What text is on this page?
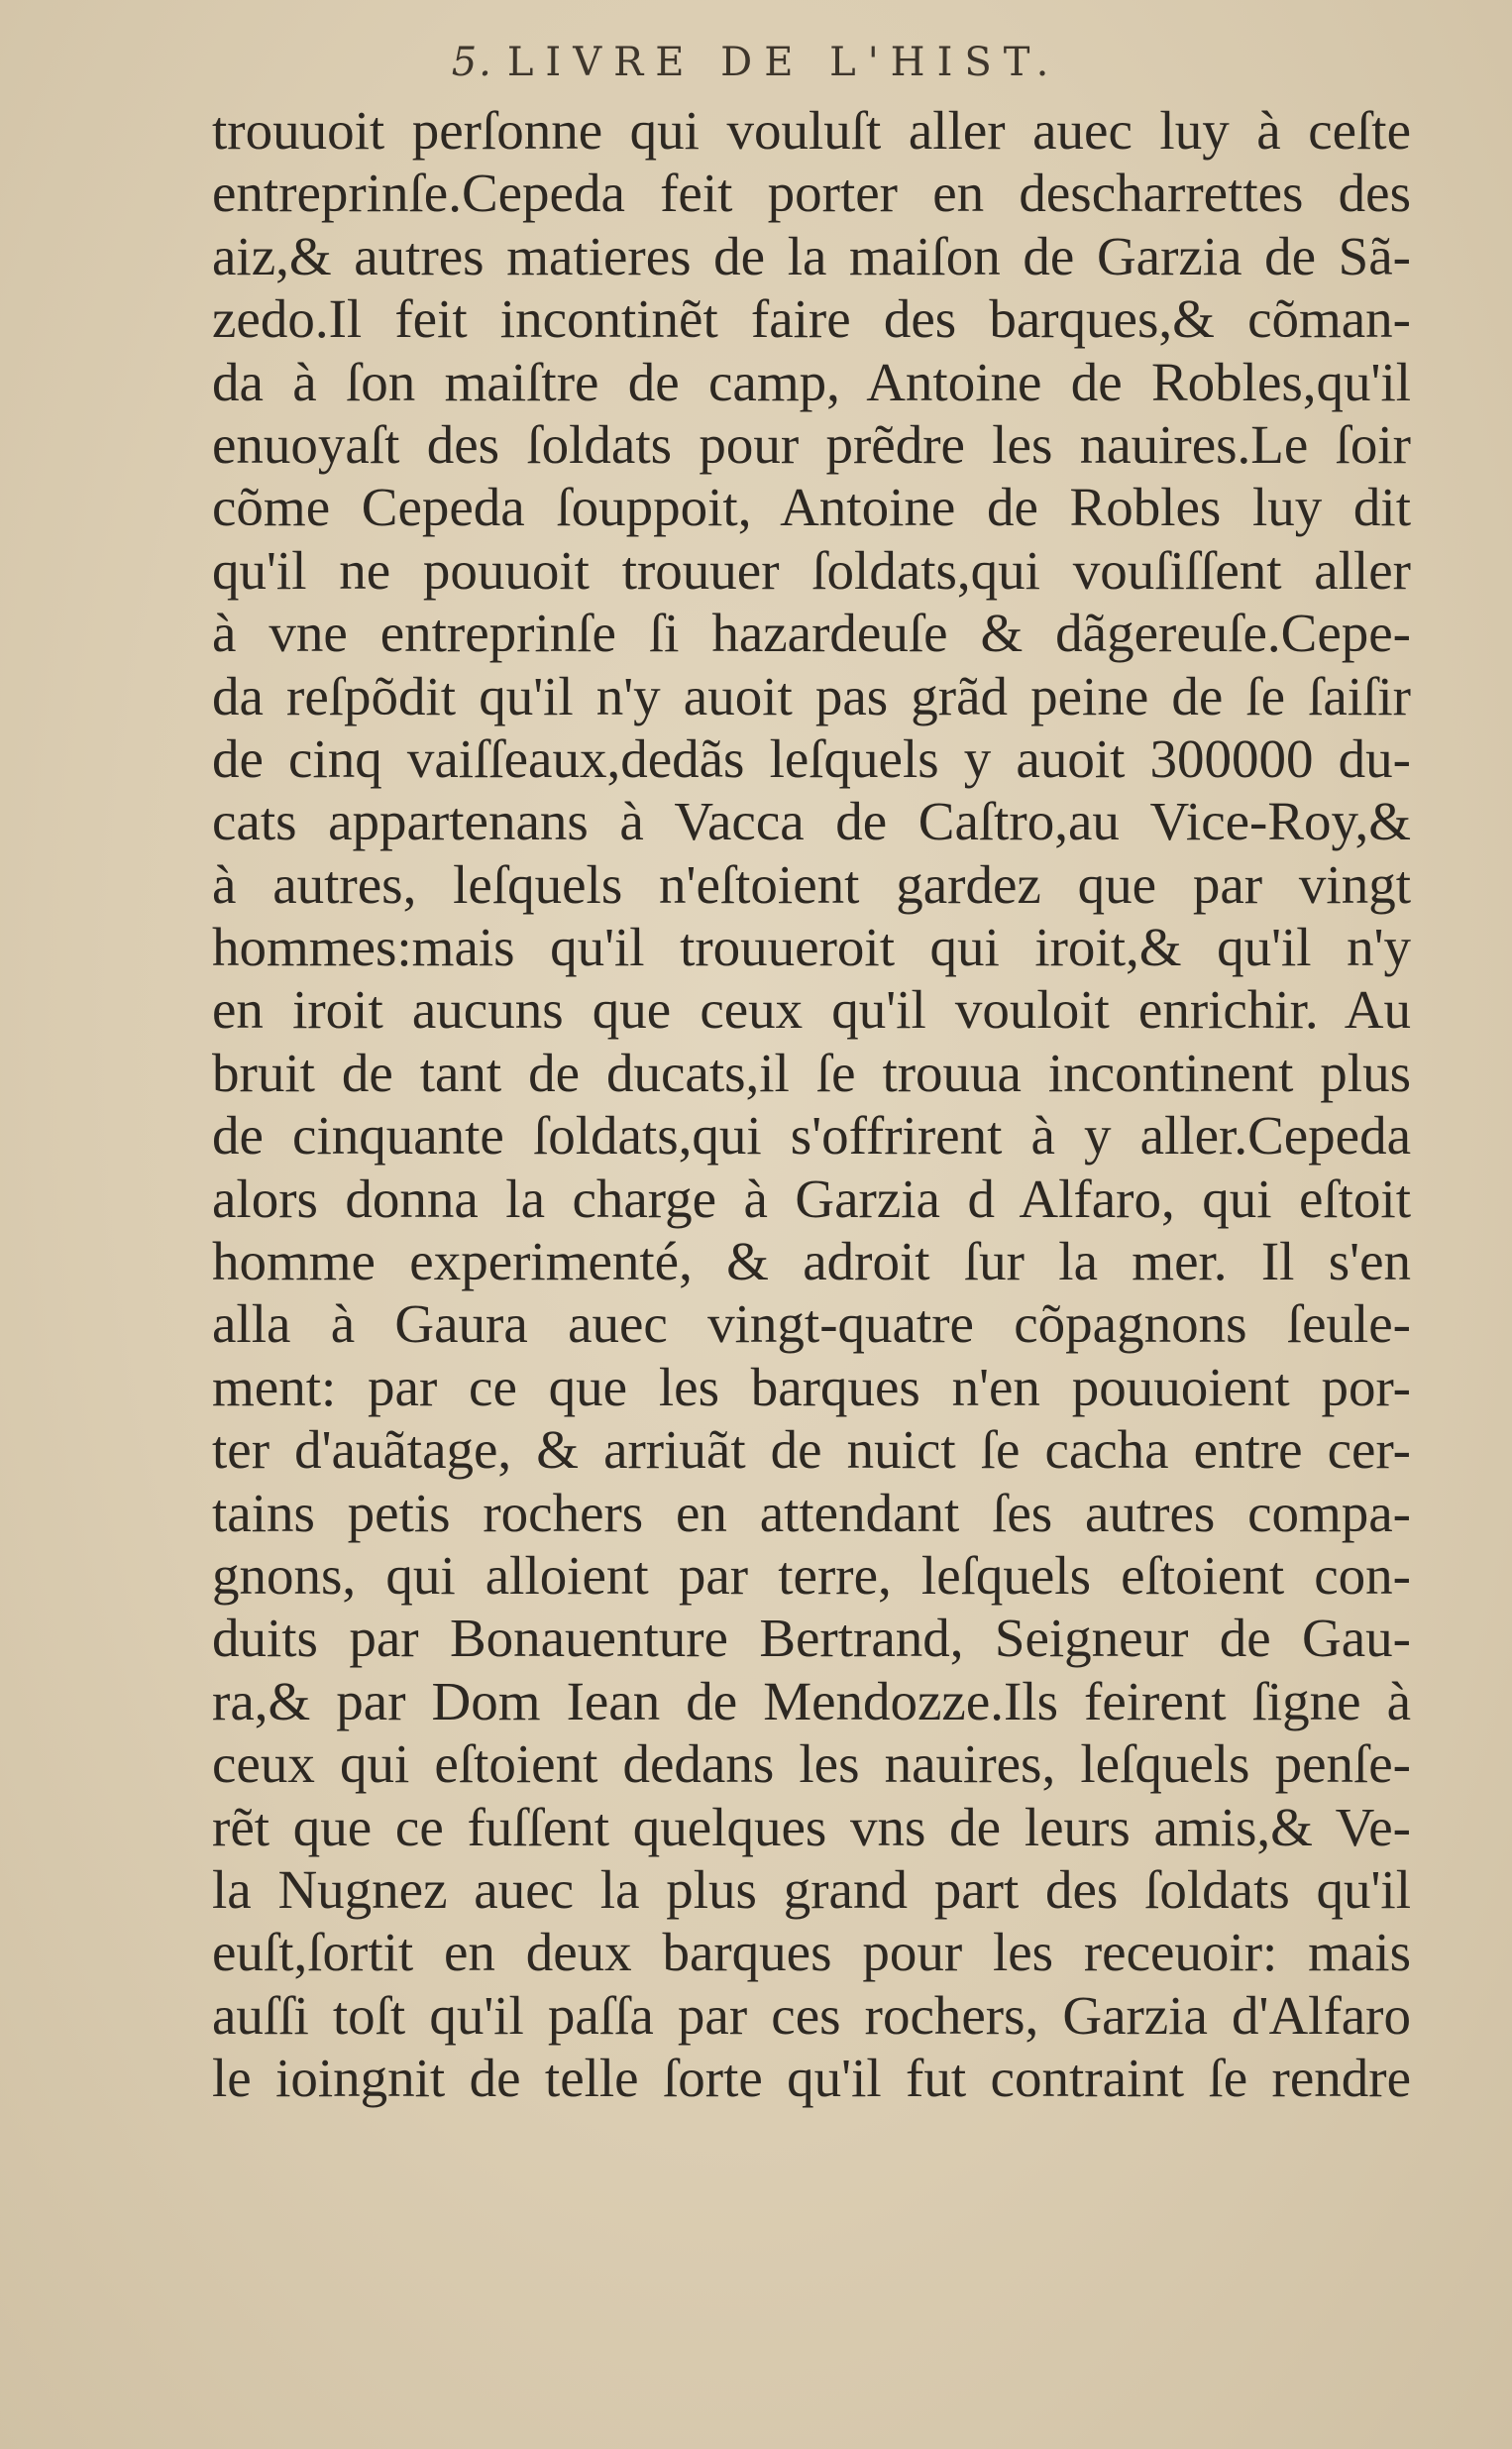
5. LIVRE DE L'HIST.
trouuoit perſonne qui vouluſt aller auec luy à ceſte
entreprinſe.Cepeda feit porter en descharrettes des
aiz,& autres matieres de la maiſon de Garzia de Sã-
zedo.Il feit incontinẽt faire des barques,& cõman-
da à ſon maiſtre de camp, Antoine de Robles,qu'il
enuoyaſt des ſoldats pour prẽdre les nauires.Le ſoir
cõme Cepeda ſouppoit, Antoine de Robles luy dit
qu'il ne pouuoit trouuer ſoldats,qui vouſiſſent aller
à vne entreprinſe ſi hazardeuſe & dãgereuſe.Cepe-
da reſpõdit qu'il n'y auoit pas grãd peine de ſe ſaiſir
de cinq vaiſſeaux,dedãs leſquels y auoit 300000 du-
cats appartenans à Vacca de Caſtro,au Vice-Roy,&
à autres, leſquels n'eſtoient gardez que par vingt
hommes:mais qu'il trouueroit qui iroit,& qu'il n'y
en iroit aucuns que ceux qu'il vouloit enrichir. Au
bruit de tant de ducats,il ſe trouua incontinent plus
de cinquante ſoldats,qui s'offrirent à y aller.Cepeda
alors donna la charge à Garzia d Alfaro, qui eſtoit
homme experimenté, & adroit ſur la mer. Il s'en
alla à Gaura auec vingt-quatre cõpagnons ſeule-
ment: par ce que les barques n'en pouuoient por-
ter d'auãtage, & arriuãt de nuict ſe cacha entre cer-
tains petis rochers en attendant ſes autres compa-
gnons, qui alloient par terre, leſquels eſtoient con-
duits par Bonauenture Bertrand, Seigneur de Gau-
ra,& par Dom Iean de Mendozze.Ils feirent ſigne à
ceux qui eſtoient dedans les nauires, leſquels penſe-
rẽt que ce fuſſent quelques vns de leurs amis,& Ve-
la Nugnez auec la plus grand part des ſoldats qu'il
euſt,ſortit en deux barques pour les receuoir: mais
auſſi toſt qu'il paſſa par ces rochers, Garzia d'Alfaro
le ioingnit de telle ſorte qu'il fut contraint ſe rendre
